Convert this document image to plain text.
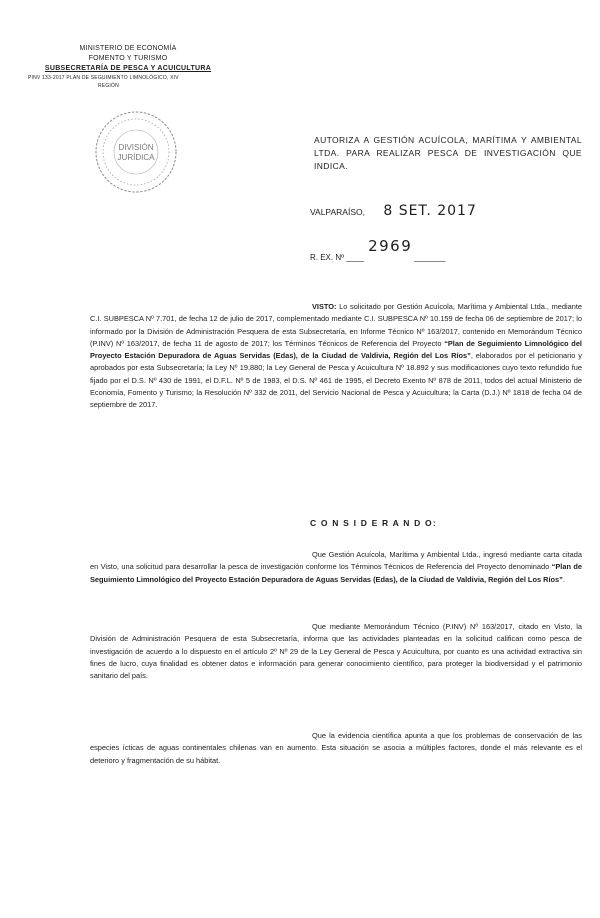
MINISTERIO DE ECONOMÍA
FOMENTO Y TURISMO
SUBSECRETARÍA DE PESCA Y ACUICULTURA
PINV 133-2017 PLAN DE SEGUIMIENTO LIMNOLÓGICO, XIV
REGIÓN
DIVISIÓN
JURÍDICA
AUTORIZA A GESTIÓN ACUÍCOLA, MARÍTIMA Y AMBIENTAL LTDA. PARA REALIZAR PESCA DE INVESTIGACIÓN QUE INDICA.
VALPARAÍSO, 8 SET. 2017
R. EX. Nº ____2969_______
VISTO: Lo solicitado por Gestión Acuícola, Marítima y Ambiental Ltda., mediante C.I. SUBPESCA Nº 7.701, de fecha 12 de julio de 2017, complementado mediante C.I. SUBPESCA Nº 10.159 de fecha 06 de septiembre de 2017; lo informado por la División de Administración Pesquera de esta Subsecretaría, en Informe Técnico Nº 163/2017, contenido en Memorándum Técnico (P.INV) Nº 163/2017, de fecha 11 de agosto de 2017; los Términos Técnicos de Referencia del Proyecto “Plan de Seguimiento Limnológico del Proyecto Estación Depuradora de Aguas Servidas (Edas), de la Ciudad de Valdivia, Región del Los Ríos”, elaborados por el peticionario y aprobados por esta Subsecretaría; la Ley Nº 19.880; la Ley General de Pesca y Acuicultura Nº 18.892 y sus modificaciones cuyo texto refundido fue fijado por el D.S. Nº 430 de 1991, el D.F.L. Nº 5 de 1983, el D.S. Nº 461 de 1995, el Decreto Exento Nº 878 de 2011, todos del actual Ministerio de Economía, Fomento y Turismo; la Resolución Nº 332 de 2011, del Servicio Nacional de Pesca y Acuicultura; la Carta (D.J.) Nº 1818 de fecha 04 de septiembre de 2017.
C O N S I D E R A N D O:
Que Gestión Acuícola, Marítima y Ambiental Ltda., ingresó mediante carta citada en Visto, una solicitud para desarrollar la pesca de investigación conforme los Términos Técnicos de Referencia del Proyecto denominado “Plan de Seguimiento Limnológico del Proyecto Estación Depuradora de Aguas Servidas (Edas), de la Ciudad de Valdivia, Región del Los Ríos”.
Que mediante Memorándum Técnico (P.INV) Nº 163/2017, citado en Visto, la División de Administración Pesquera de esta Subsecretaría, informa que las actividades planteadas en la solicitud califican como pesca de investigación de acuerdo a lo dispuesto en el artículo 2º Nº 29 de la Ley General de Pesca y Acuicultura, por cuanto es una actividad extractiva sin fines de lucro, cuya finalidad es obtener datos e información para generar conocimiento científico, para proteger la biodiversidad y el patrimonio sanitario del país.
Que la evidencia científica apunta a que los problemas de conservación de las especies ícticas de aguas continentales chilenas van en aumento. Esta situación se asocia a múltiples factores, donde el más relevante es el deterioro y fragmentación de su hábitat.
